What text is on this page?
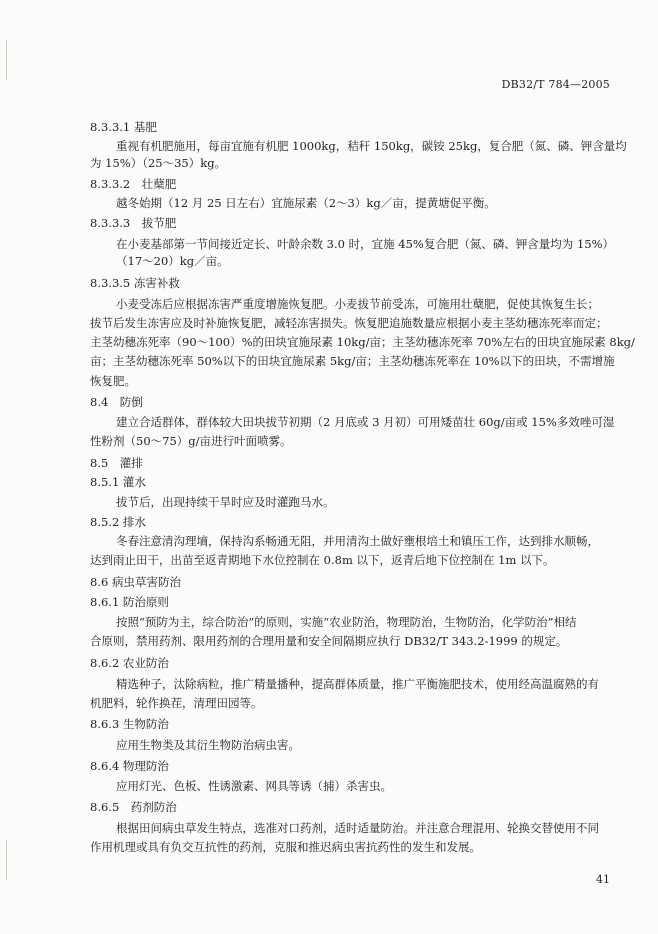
DB32/T 784—2005
8.3.3.1 基肥
重视有机肥施用，每亩宜施有机肥 1000kg，秸秆 150kg，碳铵 25kg，复合肥（氮、磷、钾含量均
为 15%）（25～35）kg。
8.3.3.2　壮蘖肥
越冬始期（12 月 25 日左右）宜施尿素（2～3）kg／亩，提黄塘促平衡。
8.3.3.3　拔节肥
在小麦基部第一节间接近定长、叶龄余数 3.0 时，宜施 45%复合肥（氮、磷、钾含量均为 15%）
（17～20）kg／亩。
8.3.3.5 冻害补救
小麦受冻后应根据冻害严重度增施恢复肥。小麦拔节前受冻，可施用壮蘖肥，促使其恢复生长；
拔节后发生冻害应及时补施恢复肥，减轻冻害损失。恢复肥追施数量应根据小麦主茎幼穗冻死率而定；
主茎幼穗冻死率（90～100）%的田块宜施尿素 10kg/亩；主茎幼穗冻死率 70%左右的田块宜施尿素 8kg/
亩；主茎幼穗冻死率 50%以下的田块宜施尿素 5kg/亩；主茎幼穗冻死率在 10%以下的田块，不需增施
恢复肥。
8.4　防倒
建立合适群体，群体较大田块拔节初期（2 月底或 3 月初）可用矮苗壮 60g/亩或 15%多效唑可湿
性粉剂（50～75）g/亩进行叶面喷雾。
8.5　灌排
8.5.1 灌水
拔节后，出现持续干旱时应及时灌跑马水。
8.5.2 排水
冬春注意清沟理墒，保持沟系畅通无阻，并用清沟土做好壅根培土和镇压工作，达到排水顺畅，
达到雨止田干，出苗至返青期地下水位控制在 0.8m 以下，返青后地下位控制在 1m 以下。
8.6 病虫草害防治
8.6.1 防治原则
按照“预防为主，综合防治”的原则，实施“农业防治，物理防治，生物防治，化学防治”相结
合原则，禁用药剂、限用药剂的合理用量和安全间隔期应执行 DB32/T 343.2-1999 的规定。
8.6.2 农业防治
精选种子，汰除病粒，推广精量播种，提高群体质量，推广平衡施肥技术，使用经高温腐熟的有
机肥料，轮作换茬，清理田园等。
8.6.3 生物防治
应用生物类及其衍生物防治病虫害。
8.6.4 物理防治
应用灯光、色板、性诱激素、网具等诱（捕）杀害虫。
8.6.5　药剂防治
根据田间病虫草发生特点，选准对口药剂，适时适量防治。并注意合理混用、轮换交替使用不同
作用机理或具有负交互抗性的药剂，克服和推迟病虫害抗药性的发生和发展。
41
